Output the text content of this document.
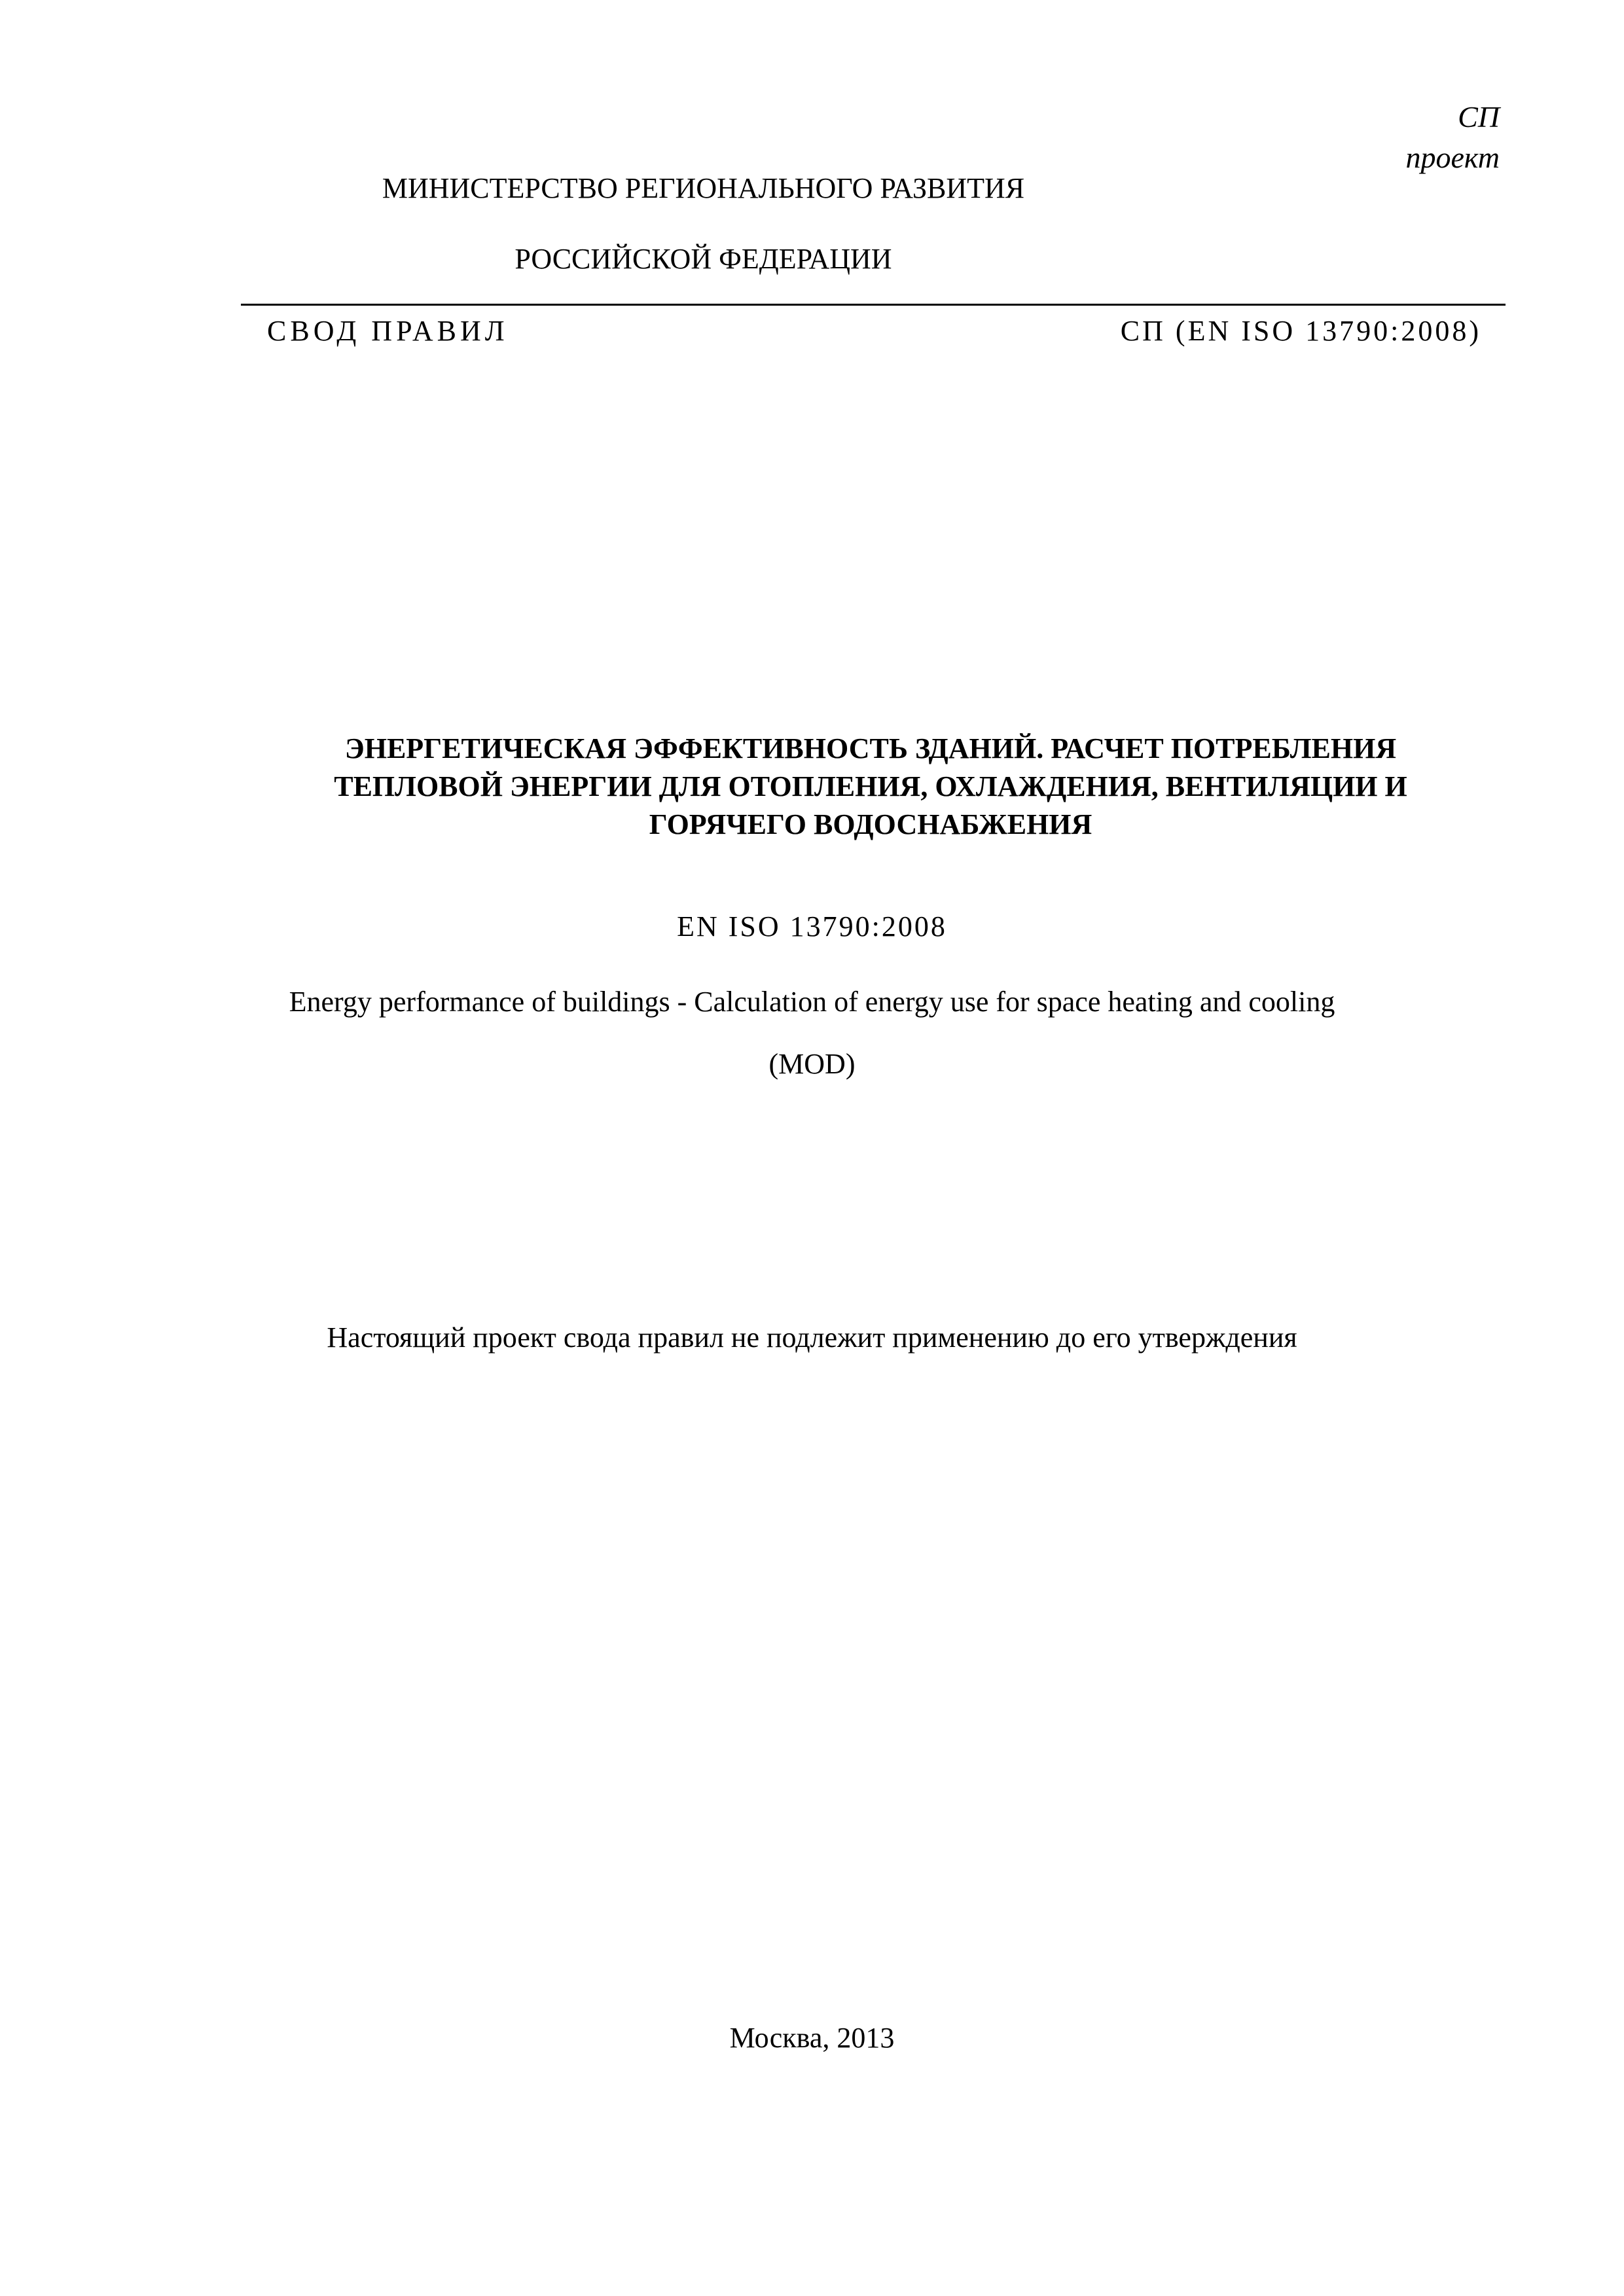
СП
проект
МИНИСТЕРСТВО РЕГИОНАЛЬНОГО РАЗВИТИЯ
РОССИЙСКОЙ ФЕДЕРАЦИИ
СВОД ПРАВИЛ	СП (EN ISO 13790:2008)
ЭНЕРГЕТИЧЕСКАЯ ЭФФЕКТИВНОСТЬ ЗДАНИЙ. РАСЧЕТ ПОТРЕБЛЕНИЯ
ТЕПЛОВОЙ ЭНЕРГИИ ДЛЯ ОТОПЛЕНИЯ, ОХЛАЖДЕНИЯ, ВЕНТИЛЯЦИИ И
ГОРЯЧЕГО ВОДОСНАБЖЕНИЯ
EN ISO 13790:2008
Energy performance of buildings - Calculation of energy use for space heating and cooling
(MOD)
Настоящий проект свода правил не подлежит применению до его утверждения
Москва, 2013
